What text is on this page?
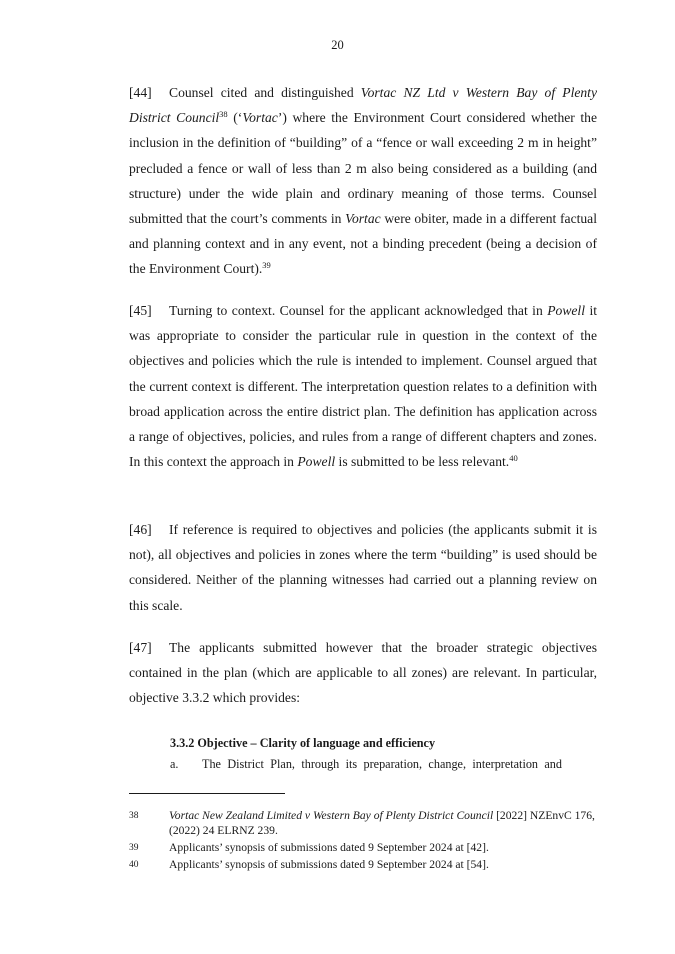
20

[44] Counsel cited and distinguished Vortac NZ Ltd v Western Bay of Plenty District Council$^{38}$ (‘Vortac’) where the Environment Court considered whether the inclusion in the definition of “building” of a “fence or wall exceeding 2 m in height” precluded a fence or wall of less than 2 m also being considered as a building (and structure) under the wide plain and ordinary meaning of those terms. Counsel submitted that the court’s comments in Vortac were obiter, made in a different factual and planning context and in any event, not a binding precedent (being a decision of the Environment Court).$^{39}$

[45] Turning to context. Counsel for the applicant acknowledged that in Powell it was appropriate to consider the particular rule in question in the context of the objectives and policies which the rule is intended to implement. Counsel argued that the current context is different. The interpretation question relates to a definition with broad application across the entire district plan. The definition has application across a range of objectives, policies, and rules from a range of different chapters and zones. In this context the approach in Powell is submitted to be less relevant.$^{40}$

[46] If reference is required to objectives and policies (the applicants submit it is not), all objectives and policies in zones where the term “building” is used should be considered. Neither of the planning witnesses had carried out a planning review on this scale.

[47] The applicants submitted however that the broader strategic objectives contained in the plan (which are applicable to all zones) are relevant. In particular, objective 3.3.2 which provides:

3.3.2 Objective – Clarity of language and efficiency
a.	The District Plan, through its preparation, change, interpretation and
38	Vortac New Zealand Limited v Western Bay of Plenty District Council [2022] NZEnvC 176, (2022) 24 ELRNZ 239.
39	Applicants’ synopsis of submissions dated 9 September 2024 at [42].
40	Applicants’ synopsis of submissions dated 9 September 2024 at [54].
